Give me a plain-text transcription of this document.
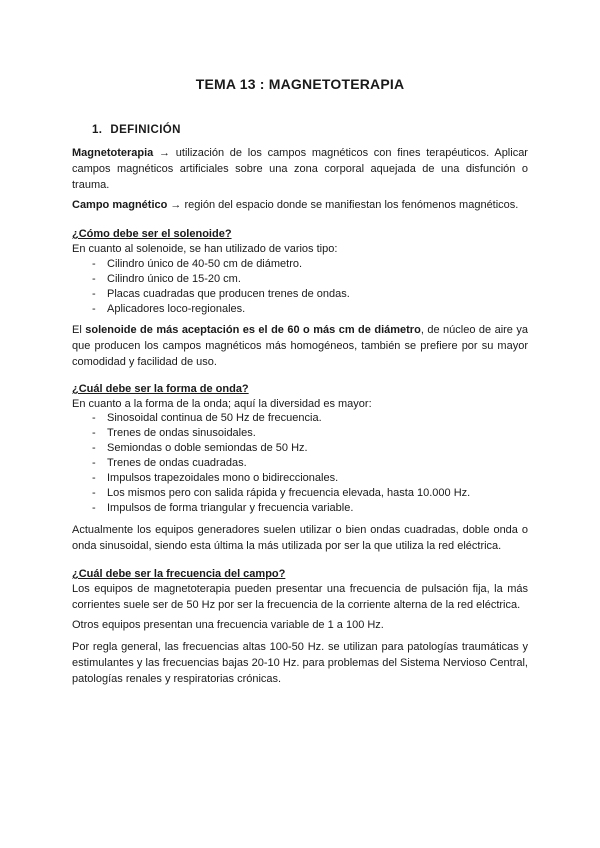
TEMA 13 : MAGNETOTERAPIA
1. DEFINICIÓN

Magnetoterapia → utilización de los campos magnéticos con fines terapéuticos. Aplicar campos magnéticos artificiales sobre una zona corporal aquejada de una disfunción o trauma.

Campo magnético → región del espacio donde se manifiestan los fenómenos magnéticos.

¿Cómo debe ser el solenoide?

En cuanto al solenoide, se han utilizado de varios tipo:

- Cilindro único de 40-50 cm de diámetro.
- Cilindro único de 15-20 cm.
- Placas cuadradas que producen trenes de ondas.
- Aplicadores loco-regionales.

El solenoide de más aceptación es el de 60 o más cm de diámetro, de núcleo de aire ya que producen los campos magnéticos más homogéneos, también se prefiere por su mayor comodidad y facilidad de uso.

¿Cuál debe ser la forma de onda?

En cuanto a la forma de la onda; aquí la diversidad es mayor:

- Sinosoidal continua de 50 Hz de frecuencia.
- Trenes de ondas sinusoidales.
- Semiondas o doble semiondas de 50 Hz.
- Trenes de ondas cuadradas.
- Impulsos trapezoidales mono o bidireccionales.
- Los mismos pero con salida rápida y frecuencia elevada, hasta 10.000 Hz.
- Impulsos de forma triangular y frecuencia variable.

Actualmente los equipos generadores suelen utilizar o bien ondas cuadradas, doble onda o onda sinusoidal, siendo esta última la más utilizada por ser la que utiliza la red eléctrica.

¿Cuál debe ser la frecuencia del campo?

Los equipos de magnetoterapia pueden presentar una frecuencia de pulsación fija, la más corrientes suele ser de 50 Hz por ser la frecuencia de la corriente alterna de la red eléctrica.

Otros equipos presentan una frecuencia variable de 1 a 100 Hz.

Por regla general, las frecuencias altas 100-50 Hz. se utilizan para patologías traumáticas y estimulantes y las frecuencias bajas 20-10 Hz. para problemas del Sistema Nervioso Central, patologías renales y respiratorias crónicas.
